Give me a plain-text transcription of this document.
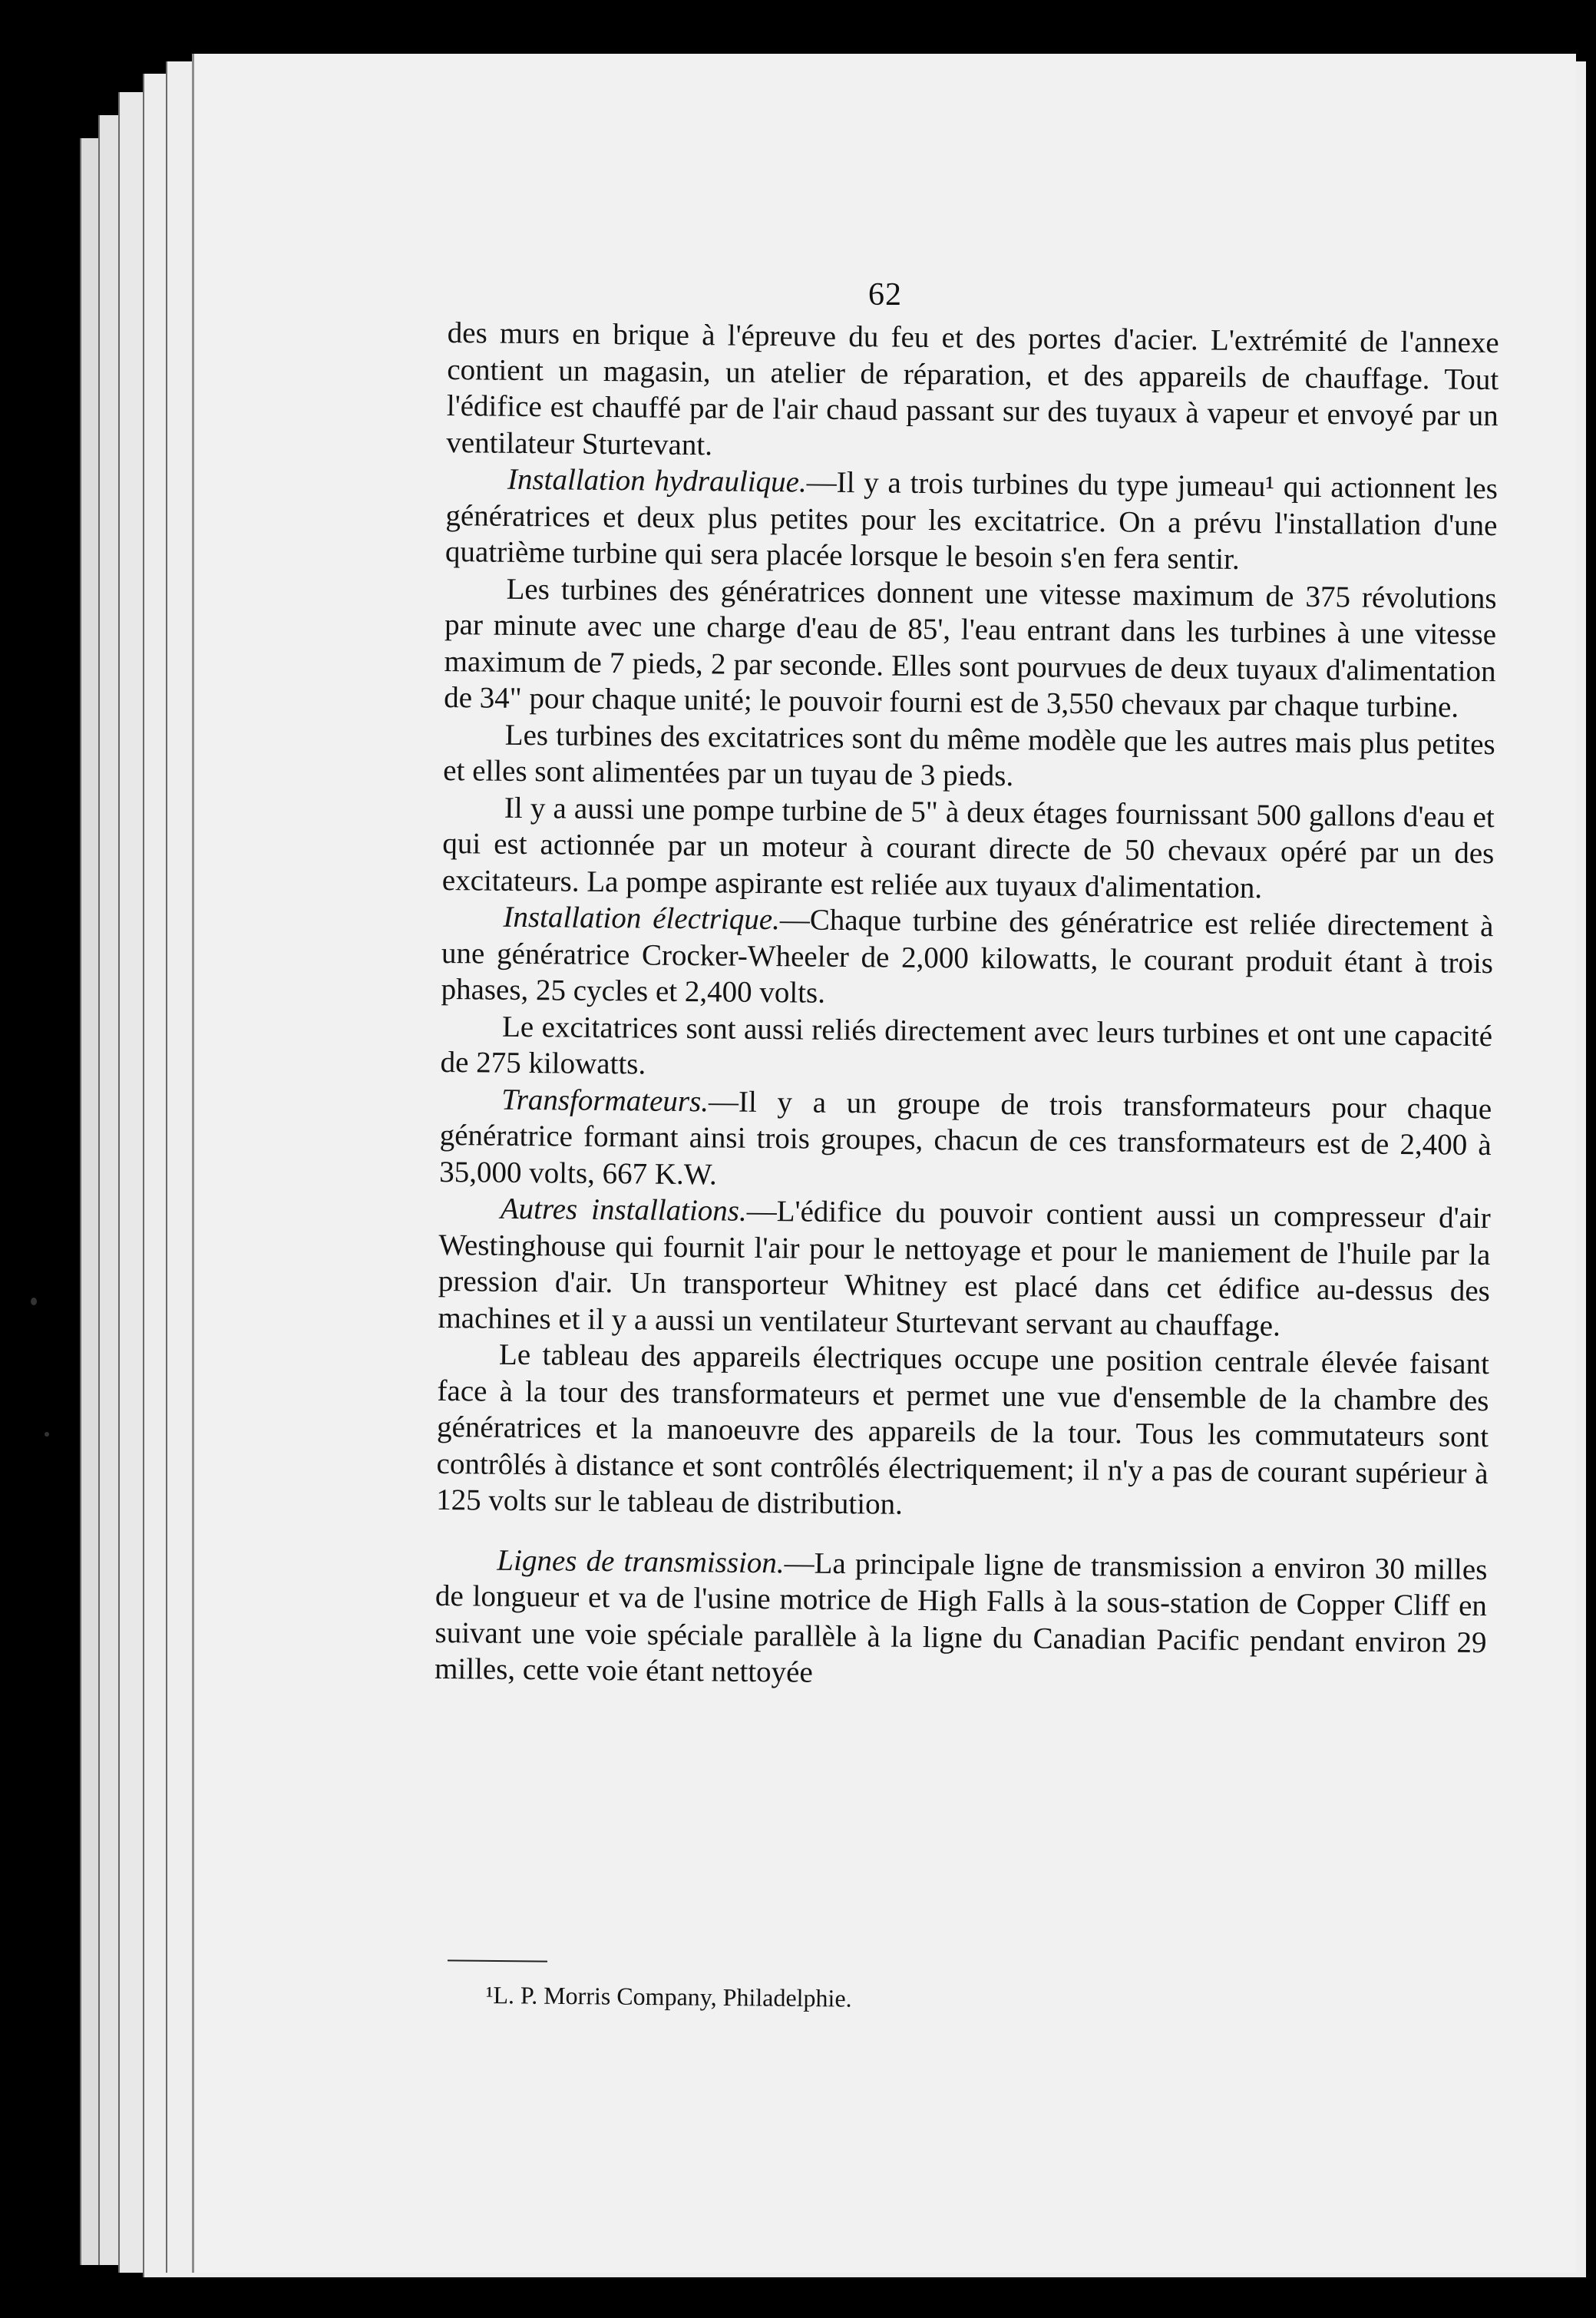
62

des murs en brique à l'épreuve du feu et des portes d'acier. L'extrémité de l'annexe contient un magasin, un atelier de réparation, et des appareils de chauffage. Tout l'édifice est chauffé par de l'air chaud passant sur des tuyaux à vapeur et envoyé par un ventilateur Sturtevant.

Installation hydraulique.—Il y a trois turbines du type jumeau¹ qui actionnent les génératrices et deux plus petites pour les excitatrice. On a prévu l'installation d'une quatrième turbine qui sera placée lorsque le besoin s'en fera sentir.

Les turbines des génératrices donnent une vitesse maximum de 375 révolutions par minute avec une charge d'eau de 85', l'eau entrant dans les turbines à une vitesse maximum de 7 pieds, 2 par seconde. Elles sont pourvues de deux tuyaux d'alimentation de 34" pour chaque unité; le pouvoir fourni est de 3,550 chevaux par chaque turbine.

Les turbines des excitatrices sont du même modèle que les autres mais plus petites et elles sont alimentées par un tuyau de 3 pieds.

Il y a aussi une pompe turbine de 5" à deux étages fournissant 500 gallons d'eau et qui est actionnée par un moteur à courant directe de 50 chevaux opéré par un des excitateurs. La pompe aspirante est reliée aux tuyaux d'alimentation.

Installation électrique.—Chaque turbine des génératrice est reliée directement à une génératrice Crocker-Wheeler de 2,000 kilowatts, le courant produit étant à trois phases, 25 cycles et 2,400 volts.

Le excitatrices sont aussi reliés directement avec leurs turbines et ont une capacité de 275 kilowatts.

Transformateurs.—Il y a un groupe de trois transformateurs pour chaque génératrice formant ainsi trois groupes, chacun de ces transformateurs est de 2,400 à 35,000 volts, 667 K.W.

Autres installations.—L'édifice du pouvoir contient aussi un compresseur d'air Westinghouse qui fournit l'air pour le nettoyage et pour le maniement de l'huile par la pression d'air. Un transporteur Whitney est placé dans cet édifice au-dessus des machines et il y a aussi un ventilateur Sturtevant servant au chauffage.

Le tableau des appareils électriques occupe une position centrale élevée faisant face à la tour des transformateurs et permet une vue d'ensemble de la chambre des génératrices et la manoeuvre des appareils de la tour. Tous les commutateurs sont contrôlés à distance et sont contrôlés électriquement; il n'y a pas de courant supérieur à 125 volts sur le tableau de distribution.

Lignes de transmission.—La principale ligne de transmission a environ 30 milles de longueur et va de l'usine motrice de High Falls à la sous-station de Copper Cliff en suivant une voie spéciale parallèle à la ligne du Canadian Pacific pendant environ 29 milles, cette voie étant nettoyée

¹L. P. Morris Company, Philadelphie.
